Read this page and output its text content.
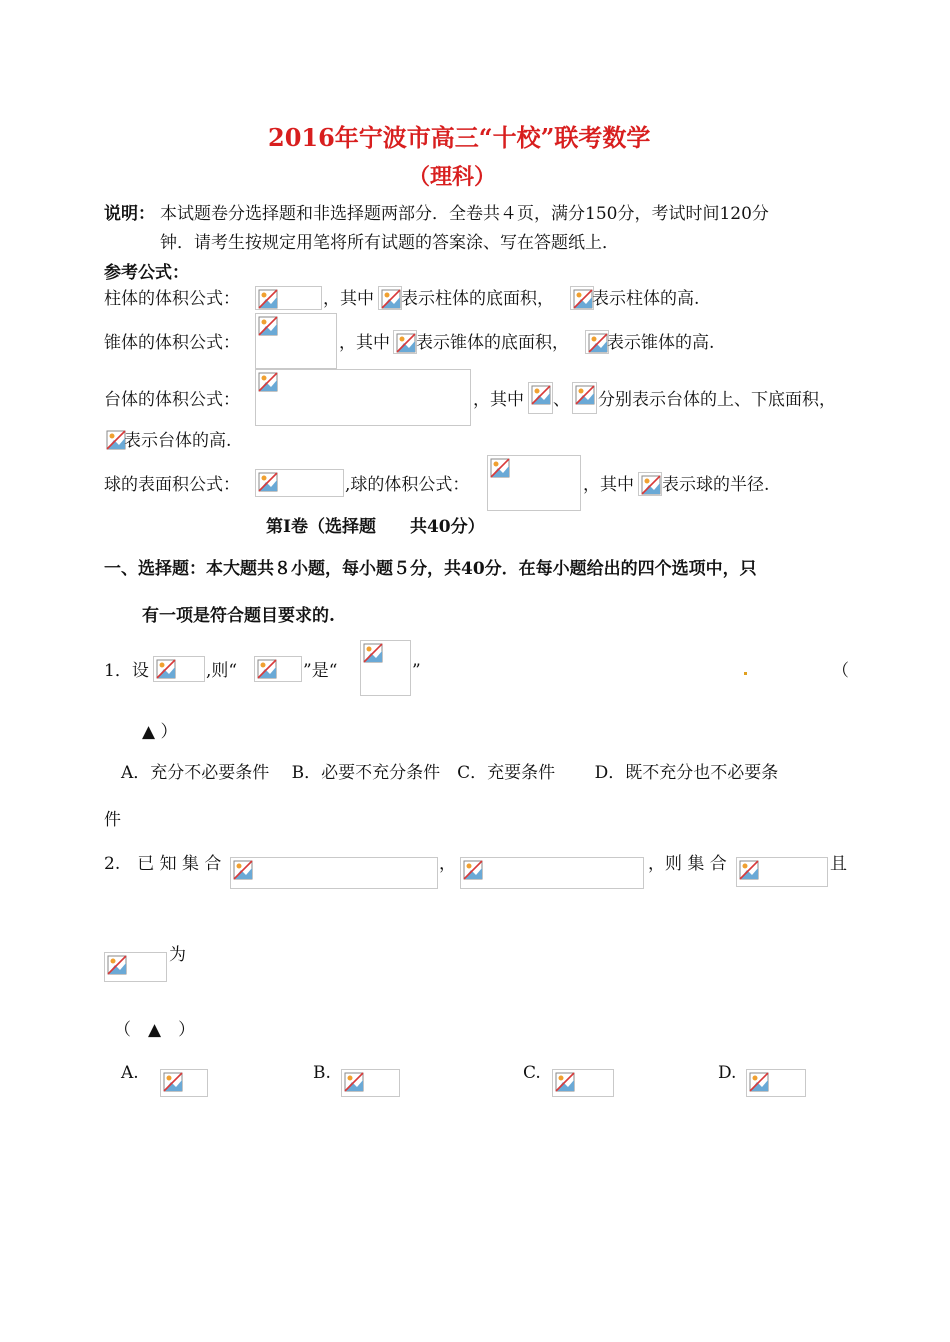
2016年宁波市高三“十校”联考数学
（理科）
说明： 本试题卷分选择题和非选择题两部分．全卷共４页，满分150分，考试时间120分
钟．请考生按规定用笔将所有试题的答案涂、写在答题纸上．
参考公式：
柱体的体积公式：	，其中 表示柱体的底面积， 表示柱体的高.
锥体的体积公式：	，其中 表示锥体的底面积， 表示锥体的高.
台体的体积公式：	，其中 、 分别表示台体的上、下底面积，
表示台体的高.
球的表面积公式：	,球的体积公式：	，其中 表示球的半径.
第Ⅰ卷（选择题　　共40分）
一、选择题：本大题共８小题，每小题５分，共40分．在每小题给出的四个选项中，只
有一项是符合题目要求的.
1．设	,则“	”是“	”	（
▲ ）
A．充分不必要条件　 B．必要不充分条件　C．充要条件　　 D．既不充分也不必要条
件
2.　已 知 集 合	，	，则 集 合	且
为
（　▲　）
A.	B.	C.	D.
